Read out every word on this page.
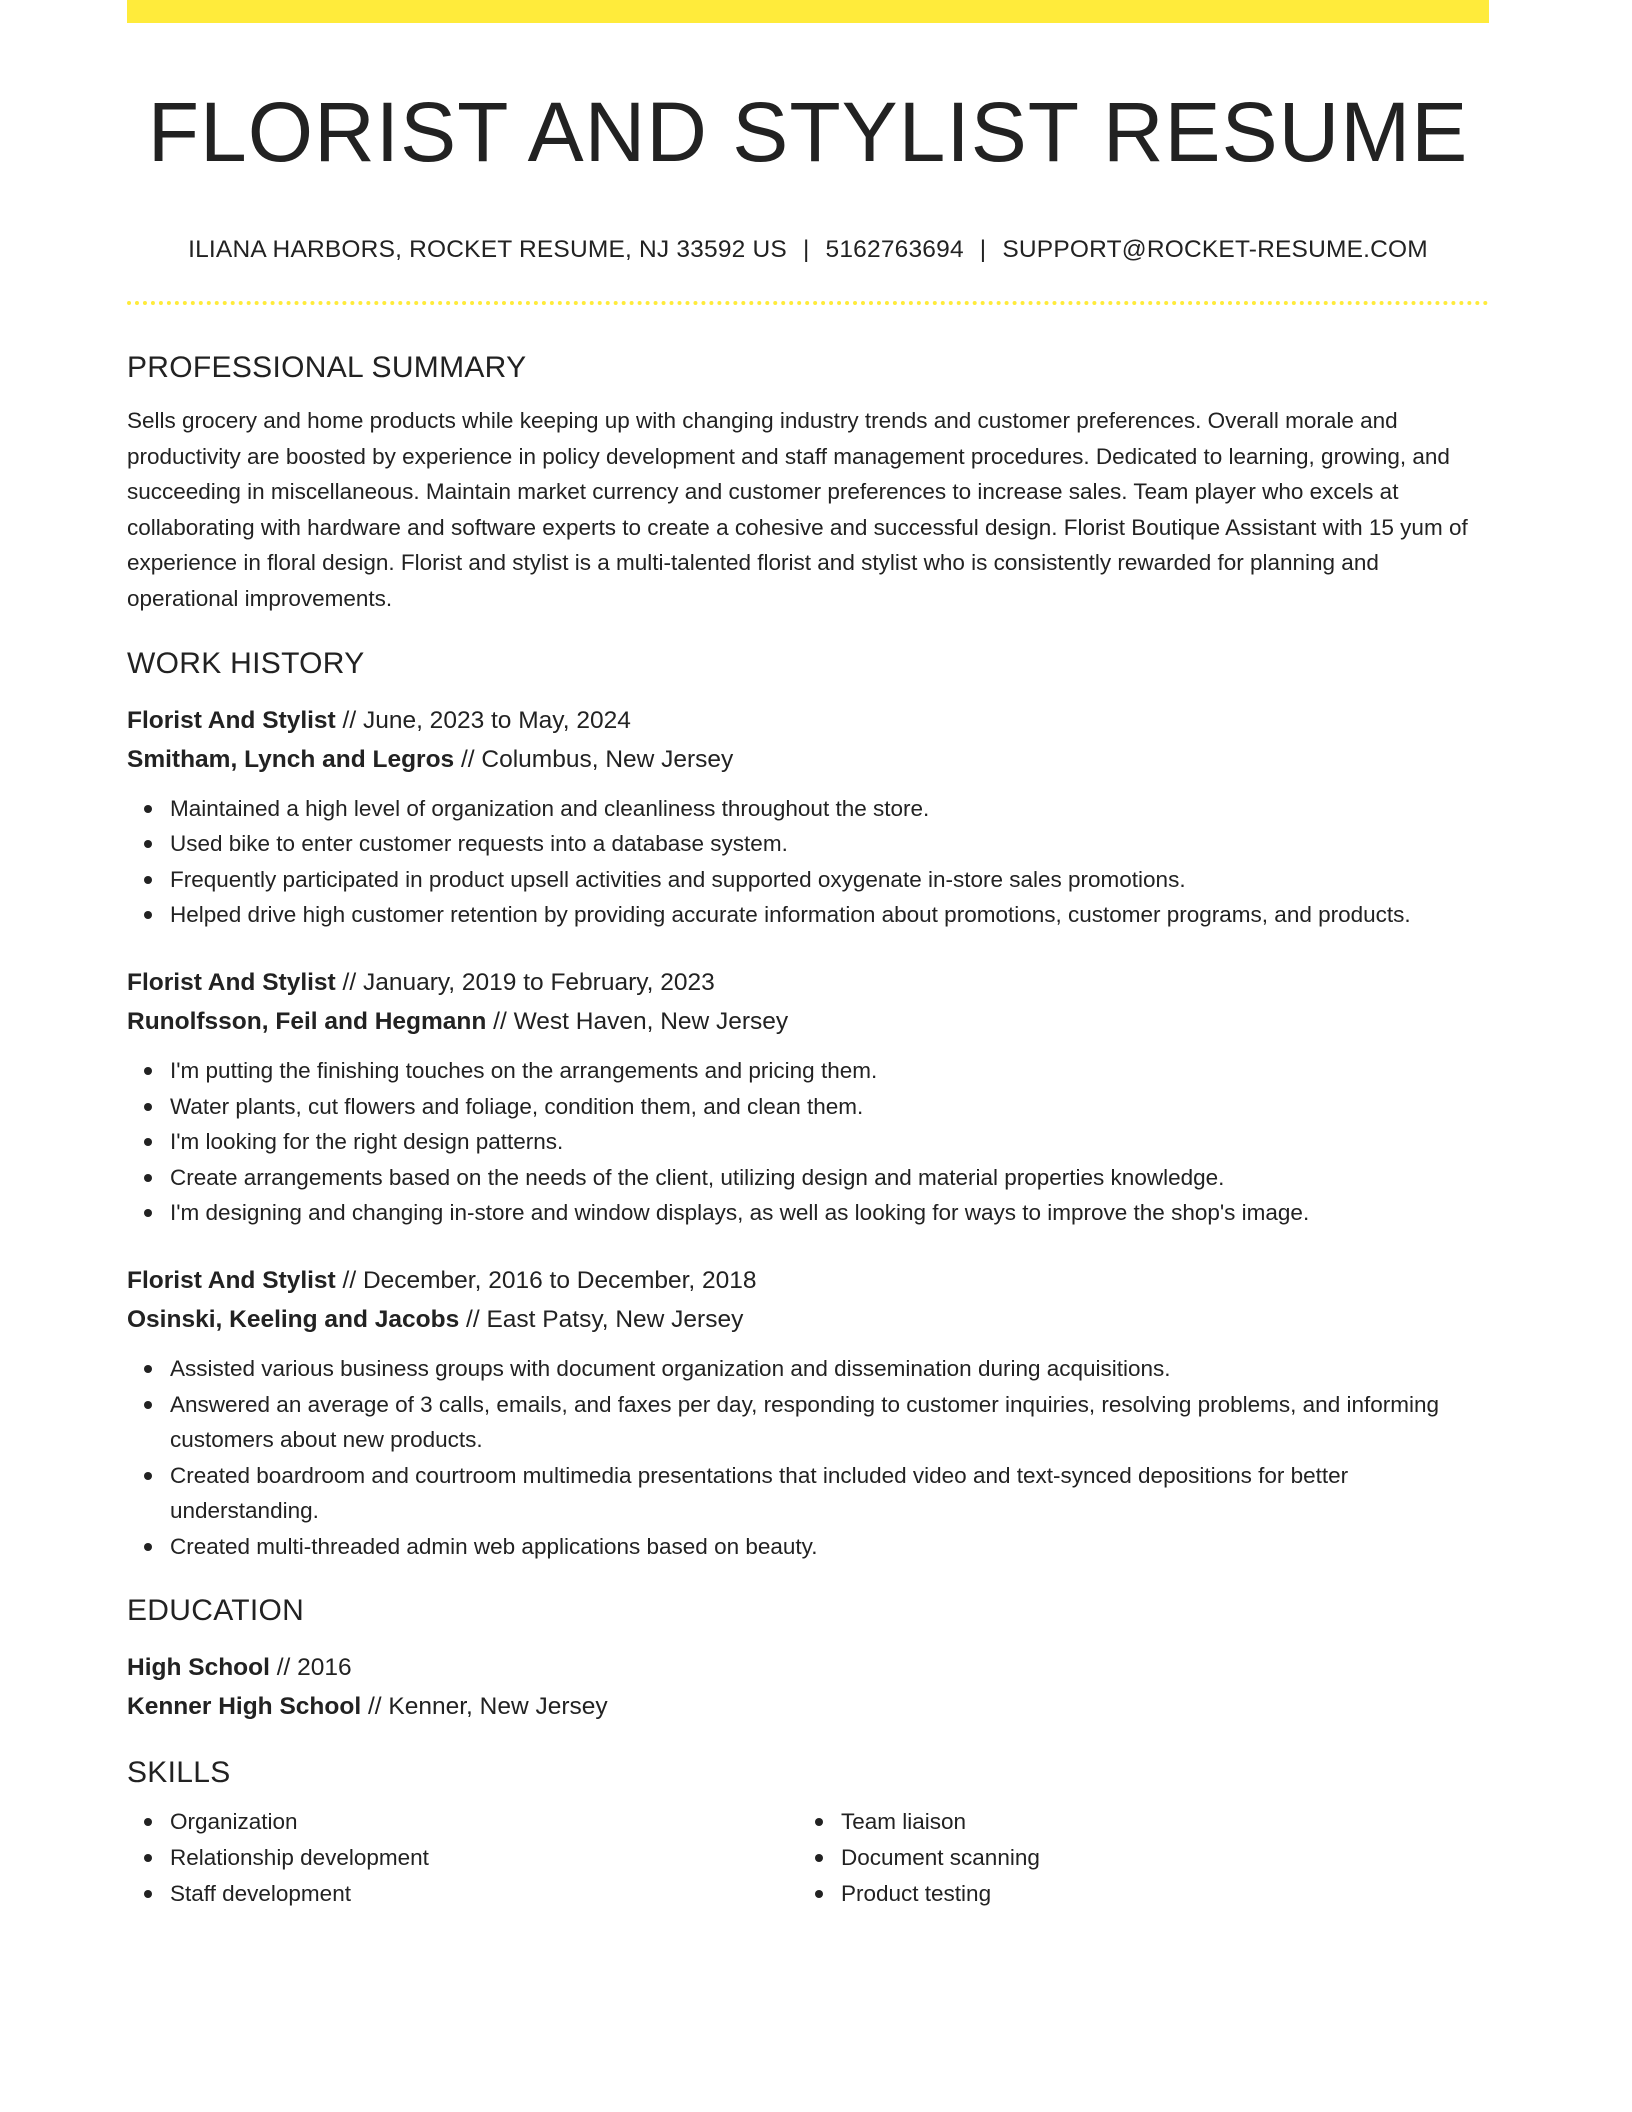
FLORIST AND STYLIST RESUME
ILIANA HARBORS, ROCKET RESUME, NJ 33592 US | 5162763694 | SUPPORT@ROCKET-RESUME.COM
PROFESSIONAL SUMMARY

Sells grocery and home products while keeping up with changing industry trends and customer preferences. Overall morale and productivity are boosted by experience in policy development and staff management procedures. Dedicated to learning, growing, and succeeding in miscellaneous. Maintain market currency and customer preferences to increase sales. Team player who excels at collaborating with hardware and software experts to create a cohesive and successful design. Florist Boutique Assistant with 15 yum of experience in floral design. Florist and stylist is a multi-talented florist and stylist who is consistently rewarded for planning and operational improvements.

WORK HISTORY
Florist And Stylist // June, 2023 to May, 2024
Smitham, Lynch and Legros // Columbus, New Jersey
Maintained a high level of organization and cleanliness throughout the store.
Used bike to enter customer requests into a database system.
Frequently participated in product upsell activities and supported oxygenate in-store sales promotions.
Helped drive high customer retention by providing accurate information about promotions, customer programs, and products.
Florist And Stylist // January, 2019 to February, 2023
Runolfsson, Feil and Hegmann // West Haven, New Jersey
I'm putting the finishing touches on the arrangements and pricing them.
Water plants, cut flowers and foliage, condition them, and clean them.
I'm looking for the right design patterns.
Create arrangements based on the needs of the client, utilizing design and material properties knowledge.
I'm designing and changing in-store and window displays, as well as looking for ways to improve the shop's image.
Florist And Stylist // December, 2016 to December, 2018
Osinski, Keeling and Jacobs // East Patsy, New Jersey
Assisted various business groups with document organization and dissemination during acquisitions.
Answered an average of 3 calls, emails, and faxes per day, responding to customer inquiries, resolving problems, and informing customers about new products.
Created boardroom and courtroom multimedia presentations that included video and text-synced depositions for better understanding.
Created multi-threaded admin web applications based on beauty.
EDUCATION
High School // 2016
Kenner High School // Kenner, New Jersey
SKILLS
Organization
Relationship development
Staff development
Team liaison
Document scanning
Product testing
